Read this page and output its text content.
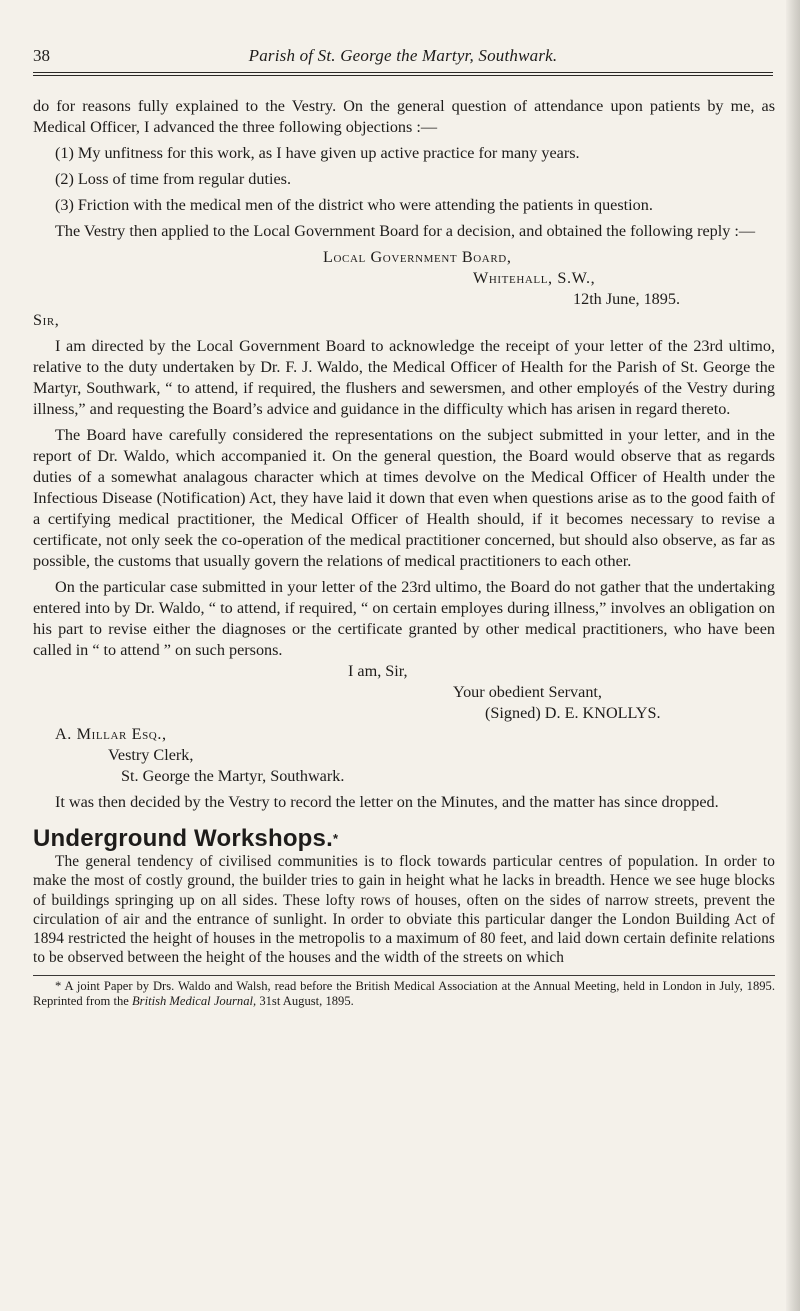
38	Parish of St. George the Martyr, Southwark.

do for reasons fully explained to the Vestry. On the general question of attendance upon patients by me, as Medical Officer, I advanced the three following objections :—

(1) My unfitness for this work, as I have given up active practice for many years.

(2) Loss of time from regular duties.

(3) Friction with the medical men of the district who were attending the patients in question.

The Vestry then applied to the Local Government Board for a decision, and obtained the following reply :—

Local Government Board,

Whitehall, S.W.,

12th June, 1895.

Sir,

I am directed by the Local Government Board to acknowledge the receipt of your letter of the 23rd ultimo, relative to the duty undertaken by Dr. F. J. Waldo, the Medical Officer of Health for the Parish of St. George the Martyr, Southwark, “ to attend, if required, the flushers and sewersmen, and other employés of the Vestry during illness,” and requesting the Board’s advice and guidance in the difficulty which has arisen in regard thereto.

The Board have carefully considered the representations on the subject submitted in your letter, and in the report of Dr. Waldo, which accompanied it. On the general question, the Board would observe that as regards duties of a somewhat analagous character which at times devolve on the Medical Officer of Health under the Infectious Disease (Notification) Act, they have laid it down that even when questions arise as to the good faith of a certifying medical practitioner, the Medical Officer of Health should, if it becomes necessary to revise a certificate, not only seek the co-operation of the medical practitioner concerned, but should also observe, as far as possible, the customs that usually govern the relations of medical practitioners to each other.

On the particular case submitted in your letter of the 23rd ultimo, the Board do not gather that the undertaking entered into by Dr. Waldo, “ to attend, if required, “ on certain employes during illness,” involves an obligation on his part to revise either the diagnoses or the certificate granted by other medical practitioners, who have been called in “ to attend ” on such persons.

I am, Sir,

Your obedient Servant,

(Signed) D. E. KNOLLYS.

A. Millar Esq.,

Vestry Clerk,

St. George the Martyr, Southwark.

It was then decided by the Vestry to record the letter on the Minutes, and the matter has since dropped.

Underground Workshops.*

The general tendency of civilised communities is to flock towards particular centres of population. In order to make the most of costly ground, the builder tries to gain in height what he lacks in breadth. Hence we see huge blocks of buildings springing up on all sides. These lofty rows of houses, often on the sides of narrow streets, prevent the circulation of air and the entrance of sunlight. In order to obviate this particular danger the London Building Act of 1894 restricted the height of houses in the metropolis to a maximum of 80 feet, and laid down certain definite relations to be observed between the height of the houses and the width of the streets on which

* A joint Paper by Drs. Waldo and Walsh, read before the British Medical Association at the Annual Meeting, held in London in July, 1895. Reprinted from the British Medical Journal, 31st August, 1895.
